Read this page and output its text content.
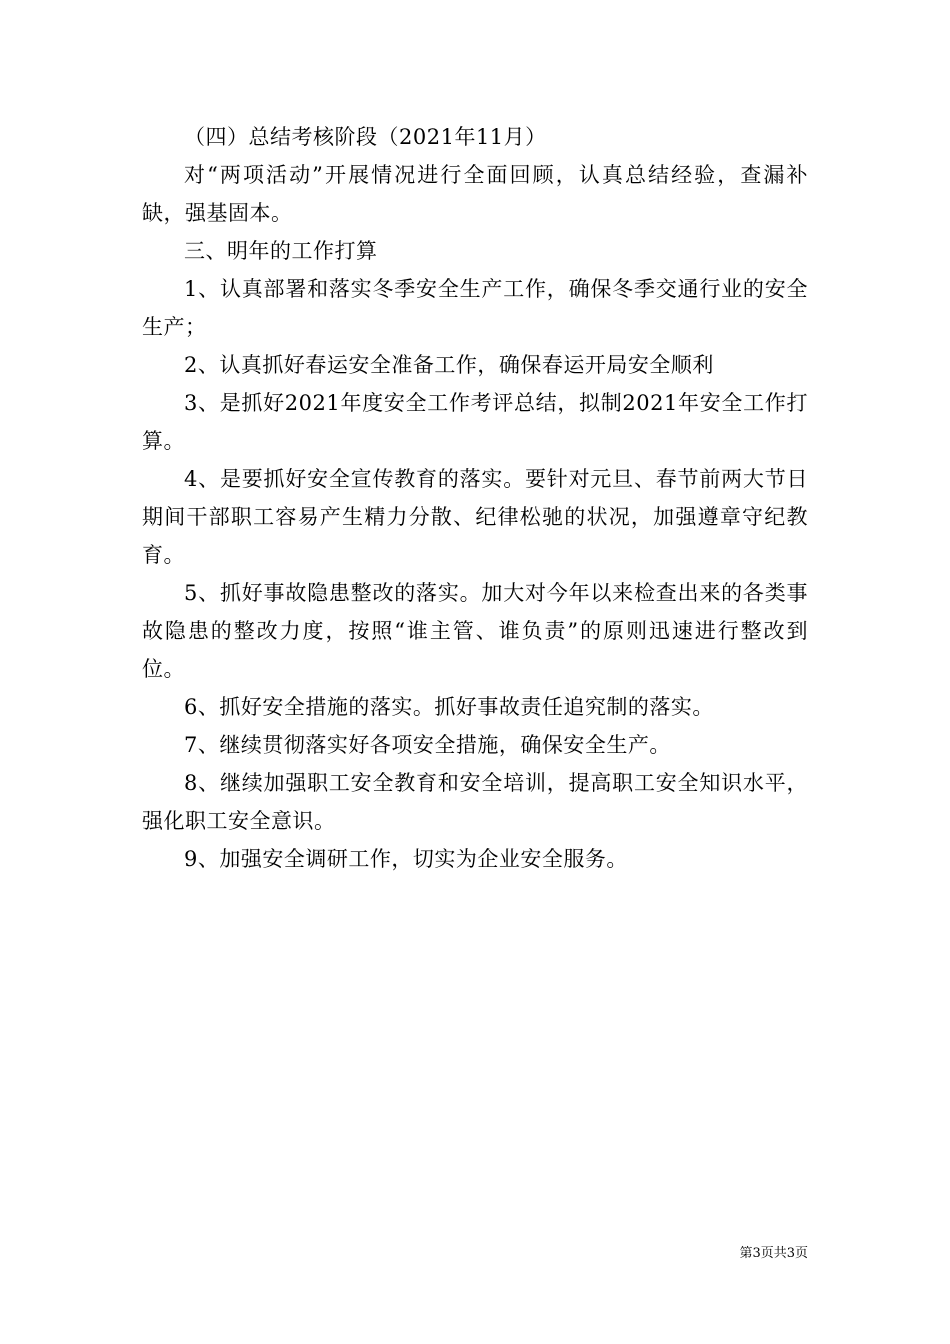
（四）总结考核阶段（2021年11月）

对“两项活动”开展情况进行全面回顾，认真总结经验，查漏补缺，强基固本。

三、明年的工作打算

1、认真部署和落实冬季安全生产工作，确保冬季交通行业的安全生产；

2、认真抓好春运安全准备工作，确保春运开局安全顺利

3、是抓好2021年度安全工作考评总结，拟制2021年安全工作打算。

4、是要抓好安全宣传教育的落实。要针对元旦、春节前两大节日期间干部职工容易产生精力分散、纪律松驰的状况，加强遵章守纪教育。

5、抓好事故隐患整改的落实。加大对今年以来检查出来的各类事故隐患的整改力度，按照“谁主管、谁负责”的原则迅速进行整改到位。

6、抓好安全措施的落实。抓好事故责任追究制的落实。

7、继续贯彻落实好各项安全措施，确保安全生产。

8、继续加强职工安全教育和安全培训，提高职工安全知识水平，强化职工安全意识。

9、加强安全调研工作，切实为企业安全服务。

第3页共3页
